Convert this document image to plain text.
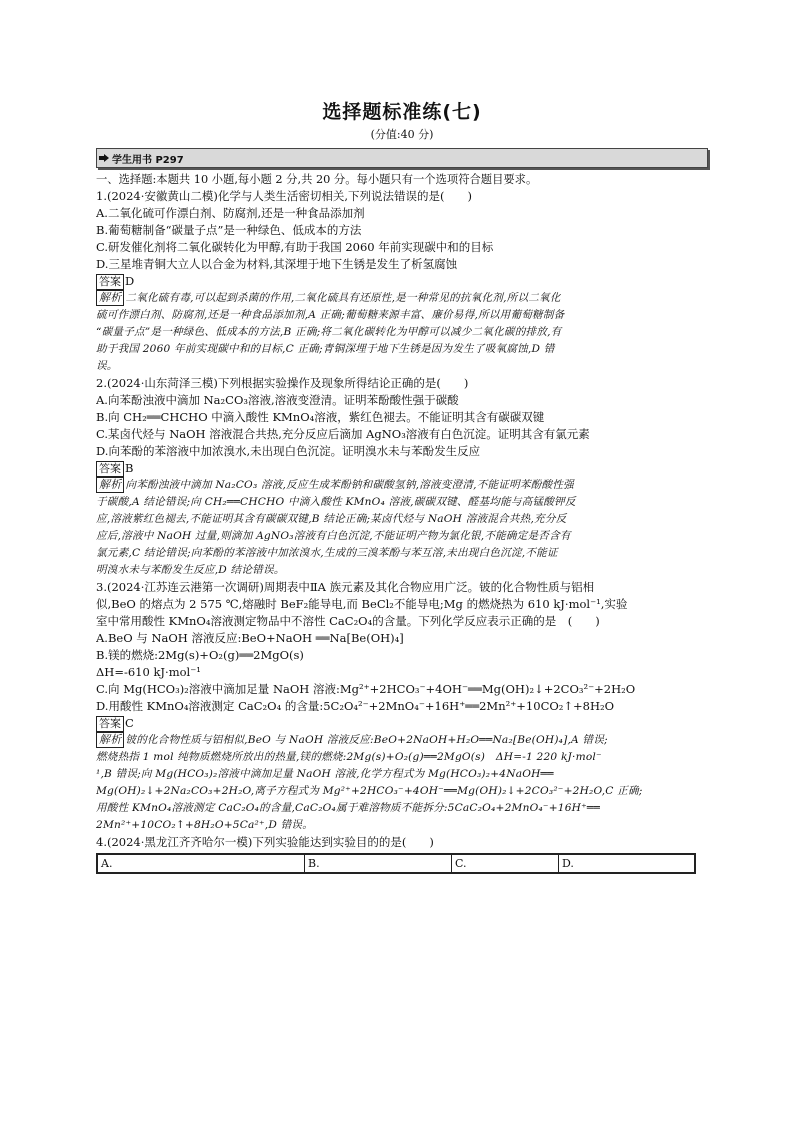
选择题标准练(七)
(分值:40 分)
学生用书 P297
一、选择题:本题共 10 小题,每小题 2 分,共 20 分。每小题只有一个选项符合题目要求。
1.(2024·安徽黄山二模)化学与人类生活密切相关,下列说法错误的是(　　)
A.二氧化硫可作漂白剂、防腐剂,还是一种食品添加剂
B.葡萄糖制备“碳量子点”是一种绿色、低成本的方法
C.研发催化剂将二氧化碳转化为甲醇,有助于我国 2060 年前实现碳中和的目标
D.三星堆青铜大立人以合金为材料,其深埋于地下生锈是发生了析氢腐蚀
答案 D
解析 二氧化硫有毒,可以起到杀菌的作用,二氧化硫具有还原性,是一种常见的抗氧化剂,所以二氧化
硫可作漂白剂、防腐剂,还是一种食品添加剂,A 正确;葡萄糖来源丰富、廉价易得,所以用葡萄糖制备
“碳量子点”是一种绿色、低成本的方法,B 正确;将二氧化碳转化为甲醇可以减少二氧化碳的排放,有
助于我国 2060 年前实现碳中和的目标,C 正确;青铜深埋于地下生锈是因为发生了吸氧腐蚀,D 错
误。
2.(2024·山东菏泽三模)下列根据实验操作及现象所得结论正确的是(　　)
A.向苯酚浊液中滴加 Na₂CO₃溶液,溶液变澄清。证明苯酚酸性强于碳酸
B.向 CH₂══CHCHO 中滴入酸性 KMnO₄溶液，紫红色褪去。不能证明其含有碳碳双键
C.某卤代烃与 NaOH 溶液混合共热,充分反应后滴加 AgNO₃溶液有白色沉淀。证明其含有氯元素
D.向苯酚的苯溶液中加浓溴水,未出现白色沉淀。证明溴水未与苯酚发生反应
答案 B
解析 向苯酚浊液中滴加 Na₂CO₃ 溶液,反应生成苯酚钠和碳酸氢钠,溶液变澄清,不能证明苯酚酸性强
于碳酸,A 结论错误;向 CH₂══CHCHO 中滴入酸性 KMnO₄ 溶液,碳碳双键、醛基均能与高锰酸钾反
应,溶液紫红色褪去,不能证明其含有碳碳双键,B 结论正确;某卤代烃与 NaOH 溶液混合共热,充分反
应后,溶液中 NaOH 过量,则滴加 AgNO₃溶液有白色沉淀,不能证明产物为氯化银,不能确定是否含有
氯元素,C 结论错误;向苯酚的苯溶液中加浓溴水,生成的三溴苯酚与苯互溶,未出现白色沉淀,不能证
明溴水未与苯酚发生反应,D 结论错误。
3.(2024·江苏连云港第一次调研)周期表中ⅡA 族元素及其化合物应用广泛。铍的化合物性质与铝相
似,BeO 的熔点为 2 575 ℃,熔融时 BeF₂能导电,而 BeCl₂不能导电;Mg 的燃烧热为 610 kJ·mol⁻¹,实验
室中常用酸性 KMnO₄溶液测定物品中不溶性 CaC₂O₄的含量。下列化学反应表示正确的是　(　　)
A.BeO 与 NaOH 溶液反应:BeO+NaOH ══Na[Be(OH)₄]
B.镁的燃烧:2Mg(s)+O₂(g)══2MgO(s)
ΔH=-610 kJ·mol⁻¹
C.向 Mg(HCO₃)₂溶液中滴加足量 NaOH 溶液:Mg²⁺+2HCO₃⁻+4OH⁻══Mg(OH)₂↓+2CO₃²⁻+2H₂O
D.用酸性 KMnO₄溶液测定 CaC₂O₄ 的含量:5C₂O₄²⁻+2MnO₄⁻+16H⁺══2Mn²⁺+10CO₂↑+8H₂O
答案 C
解析 铍的化合物性质与铝相似,BeO 与 NaOH 溶液反应:BeO+2NaOH+H₂O══Na₂[Be(OH)₄],A 错误;
燃烧热指 1 mol 纯物质燃烧所放出的热量,镁的燃烧:2Mg(s)+O₂(g)══2MgO(s)　ΔH=-1 220 kJ·mol⁻
¹,B 错误;向 Mg(HCO₃)₂溶液中滴加足量 NaOH 溶液,化学方程式为 Mg(HCO₃)₂+4NaOH══
Mg(OH)₂↓+2Na₂CO₃+2H₂O,离子方程式为 Mg²⁺+2HCO₃⁻+4OH⁻══Mg(OH)₂↓+2CO₃²⁻+2H₂O,C 正确;
用酸性 KMnO₄溶液测定 CaC₂O₄的含量,CaC₂O₄属于难溶物质不能拆分:5CaC₂O₄+2MnO₄⁻+16H⁺══
2Mn²⁺+10CO₂↑+8H₂O+5Ca²⁺,D 错误。
4.(2024·黑龙江齐齐哈尔一模)下列实验能达到实验目的的是(　　)
A.	B.	C.	D.
